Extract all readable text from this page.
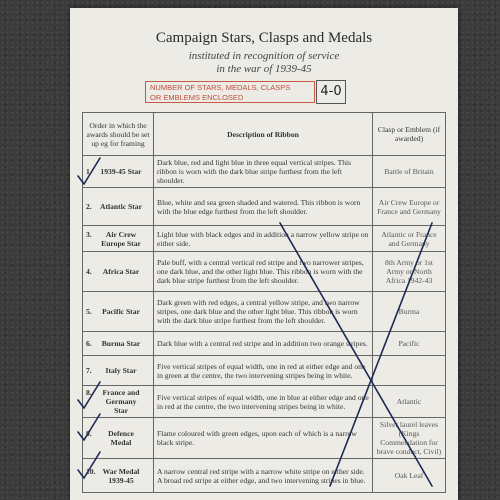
Campaign Stars, Clasps and Medals
instituted in recognition of service
in the war of 1939-45
NUMBER OF STARS, MEDALS, CLASPS
OR EMBLEMS ENCLOSED	4-0
Order in which the awards should be set up eg for framing	Description of Ribbon	Clasp or Emblem (if awarded)
1. 1939-45 Star	Dark blue, red and light blue in three equal vertical stripes. This ribbon is worn with the dark blue stripe furthest from the left shoulder.	Battle of Britain
2. Atlantic Star	Blue, white and sea green shaded and watered. This ribbon is worn with the blue edge furthest from the left shoulder.	Air Crew Europe or France and Germany
3. Air Crew Europe Star	Light blue with black edges and in addition a narrow yellow stripe on either side.	Atlantic or France and Germany
4. Africa Star	Pale buff, with a central vertical red stripe and two narrower stripes, one dark blue, and the other light blue. This ribbon is worn with the dark blue stripe furthest from the left shoulder.	8th Army or 1st Army or North Africa 1942-43
5. Pacific Star	Dark green with red edges, a central yellow stripe, and two narrow stripes, one dark blue and the other light blue. This ribbon is worn with the dark blue stripe furthest from the left shoulder.	Burma
6. Burma Star	Dark blue with a central red stripe and in addition two orange stripes.	Pacific
7. Italy Star	Five vertical stripes of equal width, one in red at either edge and one in green at the centre, the two intervening stripes being in white.	
8. France and Germany Star	Five vertical stripes of equal width, one in blue at either edge and one in red at the centre, the two intervening stripes being in white.	Atlantic
9. Defence Medal	Flame coloured with green edges, upon each of which is a narrow black stripe.	Silver laurel leaves (Kings Commendation for brave conduct, Civil)
10. War Medal 1939-45	A narrow central red stripe with a narrow white stripe on either side. A broad red stripe at either edge, and two intervening stripes in blue.	Oak Leaf
